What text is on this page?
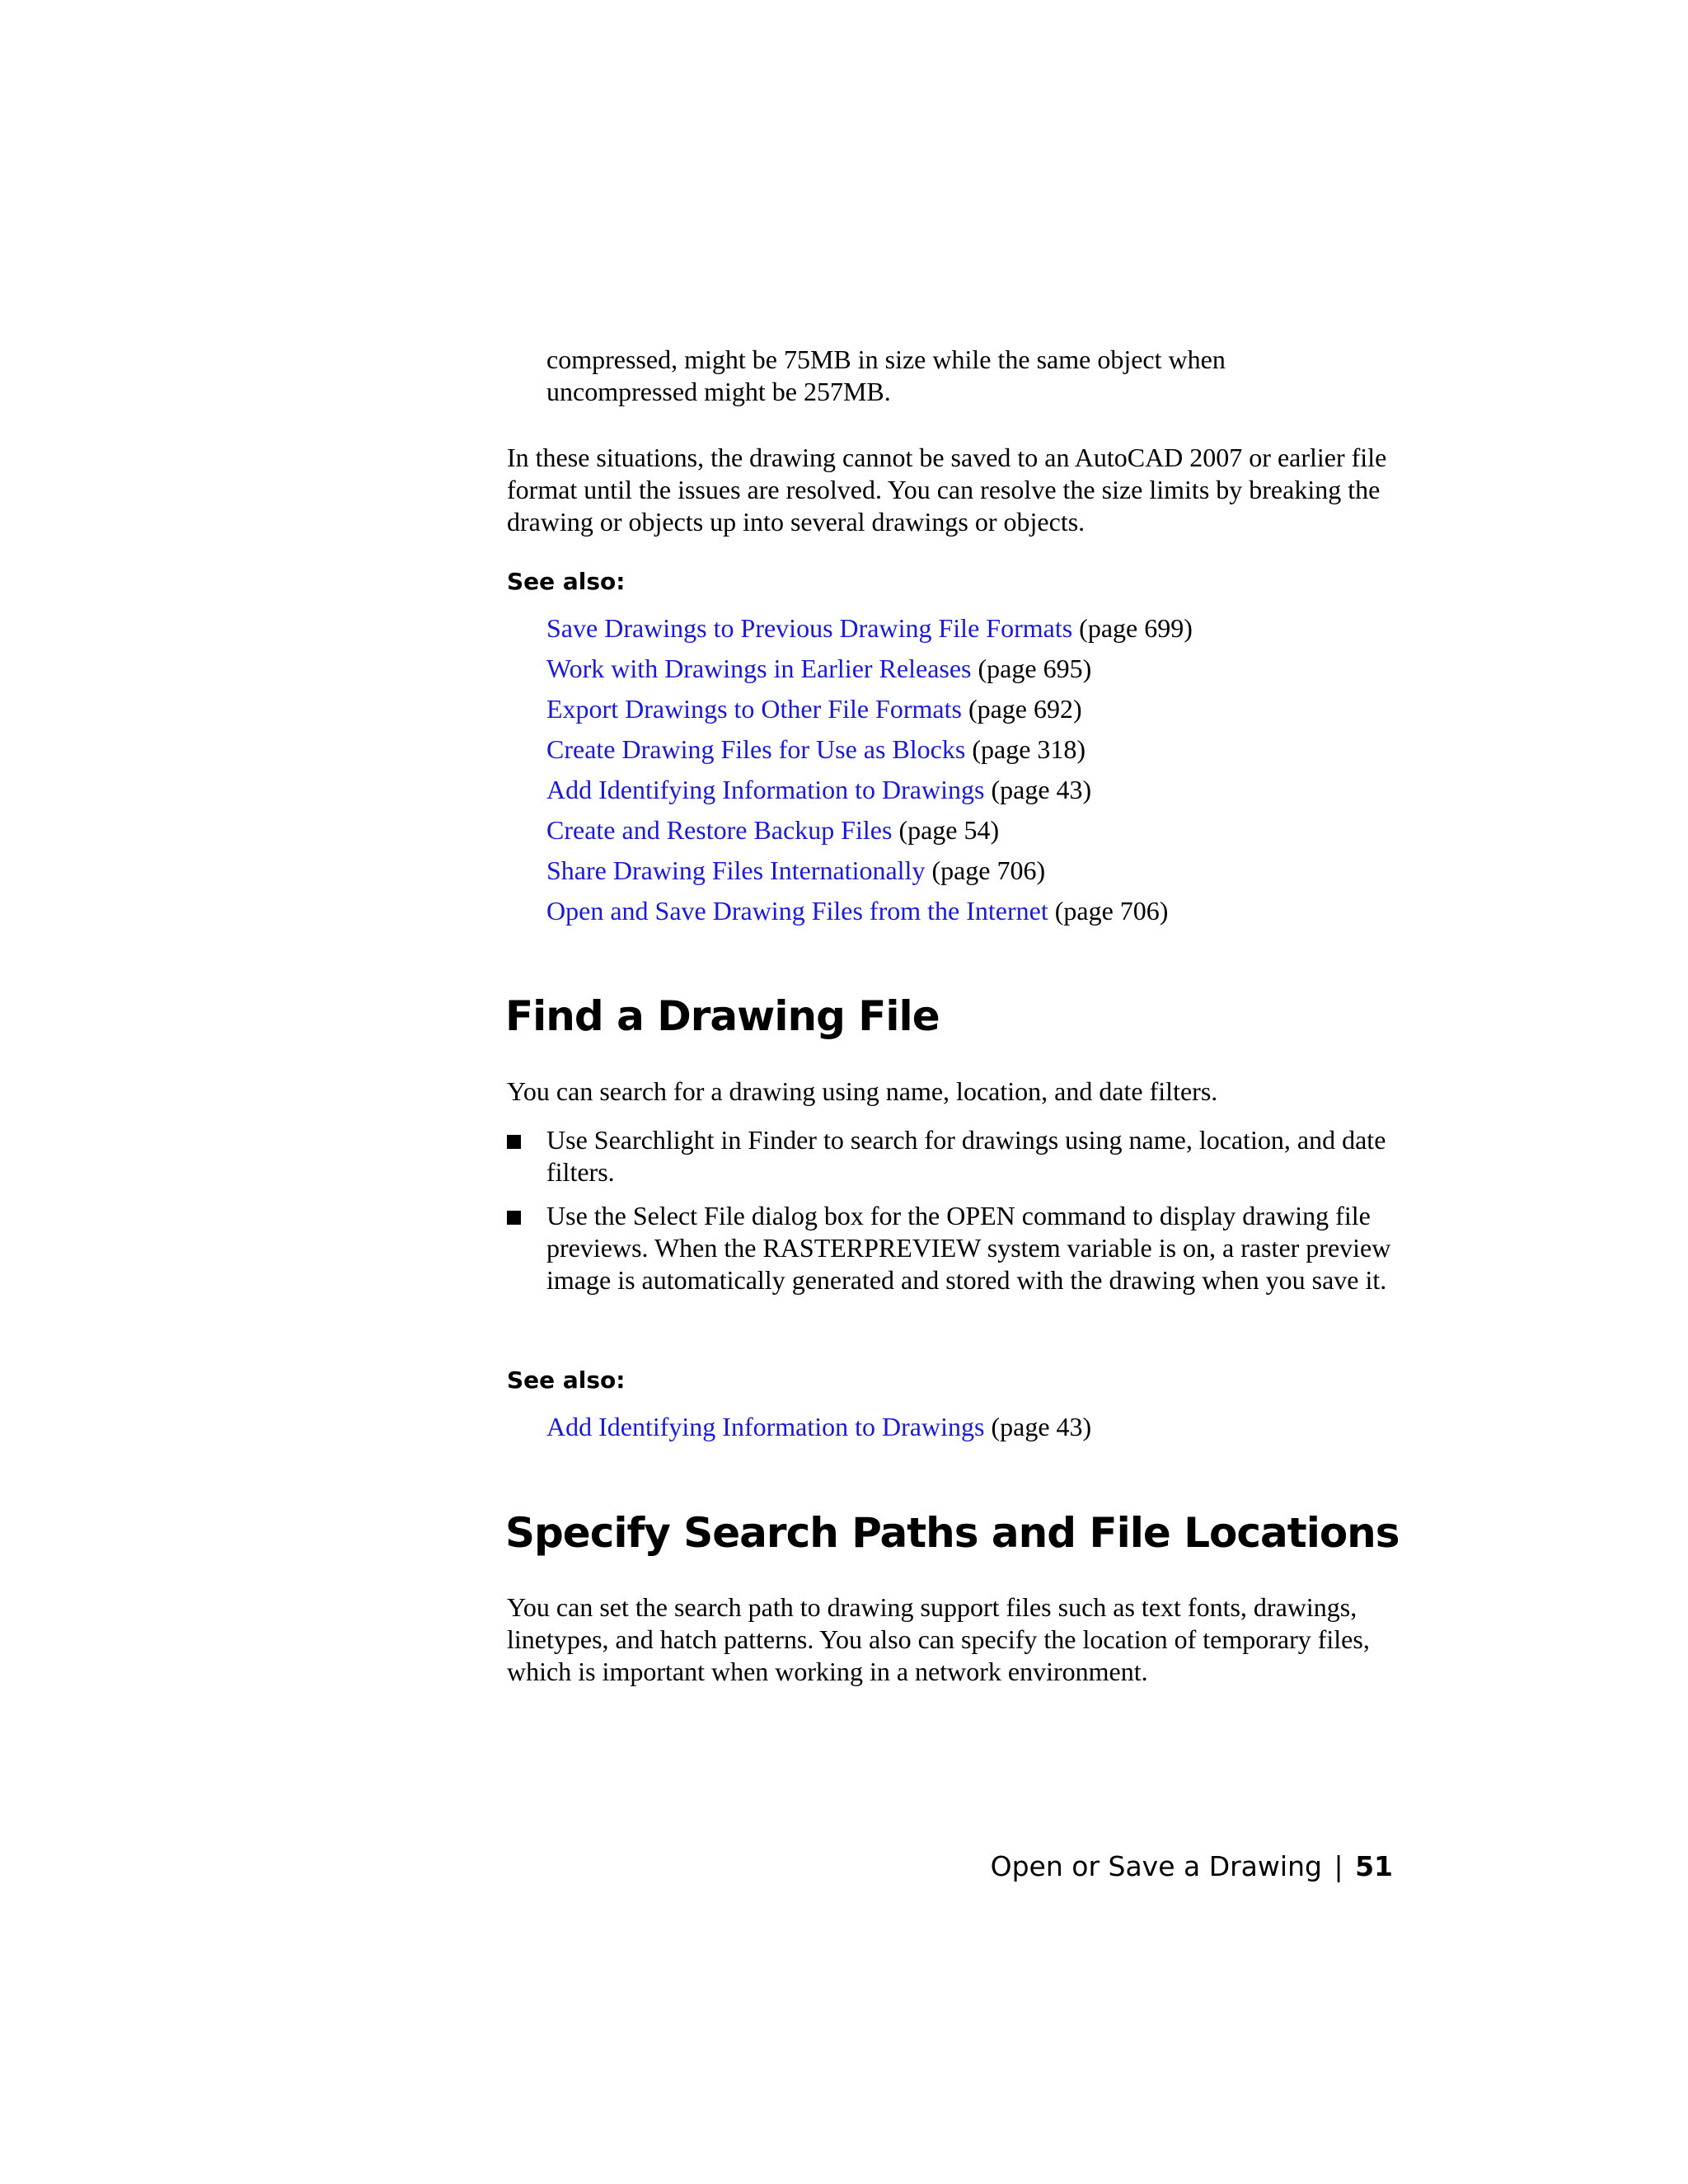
compressed, might be 75MB in size while the same object when uncompressed might be 257MB.

In these situations, the drawing cannot be saved to an AutoCAD 2007 or earlier file format until the issues are resolved. You can resolve the size limits by breaking the drawing or objects up into several drawings or objects.

See also:

Save Drawings to Previous Drawing File Formats (page 699)
Work with Drawings in Earlier Releases (page 695)
Export Drawings to Other File Formats (page 692)
Create Drawing Files for Use as Blocks (page 318)
Add Identifying Information to Drawings (page 43)
Create and Restore Backup Files (page 54)
Share Drawing Files Internationally (page 706)
Open and Save Drawing Files from the Internet (page 706)
Find a Drawing File

You can search for a drawing using name, location, and date filters.

Use Searchlight in Finder to search for drawings using name, location, and date filters.
Use the Select File dialog box for the OPEN command to display drawing file previews. When the RASTERPREVIEW system variable is on, a raster preview image is automatically generated and stored with the drawing when you save it.

See also:

Add Identifying Information to Drawings (page 43)
Specify Search Paths and File Locations

You can set the search path to drawing support files such as text fonts, drawings, linetypes, and hatch patterns. You also can specify the location of temporary files, which is important when working in a network environment.

Open or Save a Drawing | 51
